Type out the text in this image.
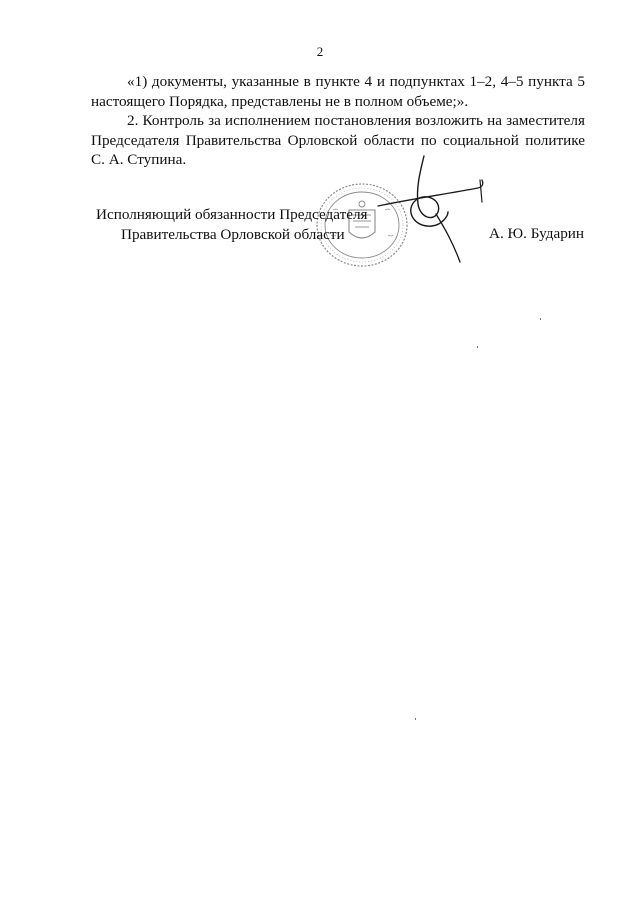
2

«1) документы, указанные в пункте 4 и подпунктах 1–2, 4–5 пункта 5 настоящего Порядка, представлены не в полном объеме;».

2. Контроль за исполнением постановления возложить на заместителя Председателя Правительства Орловской области по социальной политике С. А. Ступина.

Исполняющий обязанности Председателя
Правительства Орловской области	А. Ю. Бударин
